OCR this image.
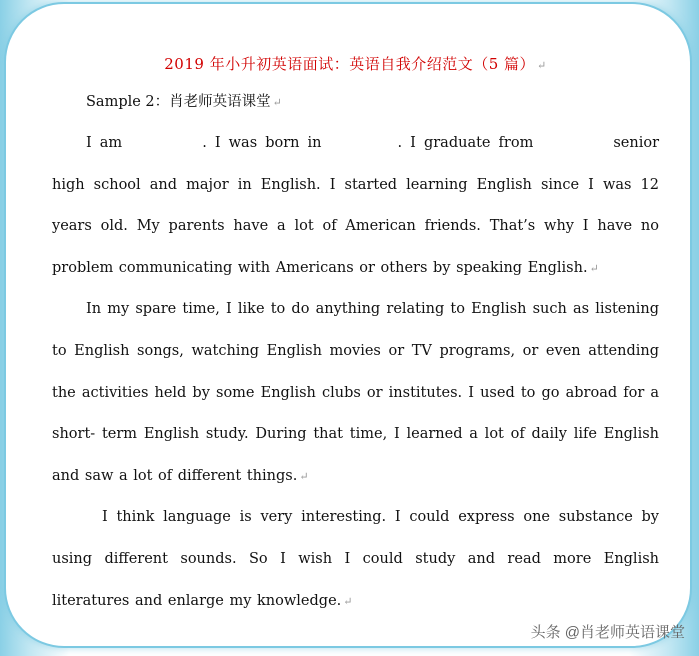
2019 年小升初英语面试：英语自我介绍范文（5 篇） ↵

Sample 2：肖老师英语课堂 ↵

I am	. I was born in	. I graduate from	senior high school and major in English. I started learning English since I was 12 years old. My parents have a lot of American friends. That’s why I have no problem communicating with Americans or others by speaking English. ↵

In my spare time, I like to do anything relating to English such as listening to English songs, watching English movies or TV programs, or even attending the activities held by some English clubs or institutes. I used to go abroad for a short- term English study. During that time, I learned a lot of daily life English and saw a lot of different things. ↵

I think language is very interesting. I could express one substance by using different sounds. So I wish I could study and read more English literatures and enlarge my knowledge. ↵

头条 @肖老师英语课堂
